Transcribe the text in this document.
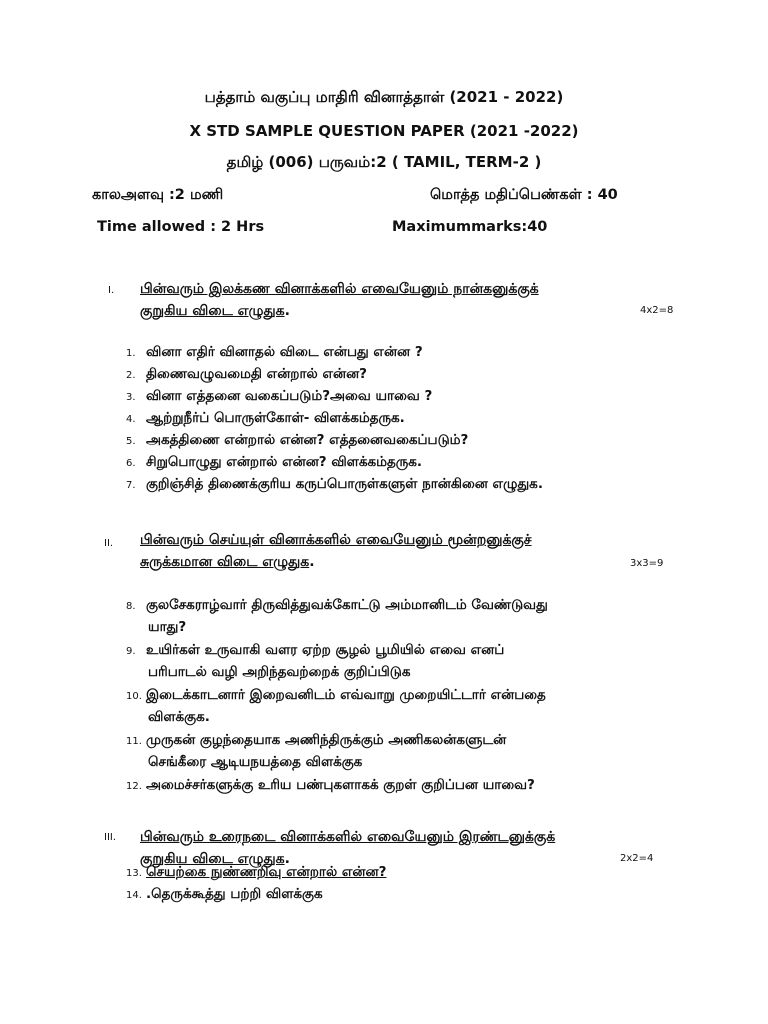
பத்தாம் வகுப்பு மாதிரி வினாத்தாள் (2021 - 2022)
X STD SAMPLE QUESTION PAPER (2021 -2022)
தமிழ் (006) பருவம்:2 ( TAMIL, TERM-2 )
காலஅளவு :2 மணி	மொத்த மதிப்பெண்கள் : 40
Time allowed : 2 Hrs	Maximummarks:40
I. பின்வரும் இலக்கண வினாக்களில் எவையேனும் நான்கனுக்குக்
குறுகிய விடை எழுதுக.	4x2=8
1. வினா எதிர் வினாதல் விடை என்பது என்ன ?
2. திணைவழுவமைதி என்றால் என்ன?
3. வினா எத்தனை வகைப்படும்?அவை யாவை ?
4. ஆற்றுநீர்ப் பொருள்கோள்- விளக்கம்தருக.
5. அகத்திணை என்றால் என்ன? எத்தனைவகைப்படும்?
6. சிறுபொழுது என்றால் என்ன? விளக்கம்தருக.
7. குறிஞ்சித் திணைக்குரிய கருப்பொருள்களுள் நான்கினை எழுதுக.
II. பின்வரும் செய்யுள் வினாக்களில் எவையேனும் மூன்றனுக்குச்
சுருக்கமான விடை எழுதுக.	3x3=9
8. குலசேகராழ்வார் திருவித்துவக்கோட்டு அம்மானிடம் வேண்டுவது
யாது?
9. உயிர்கள் உருவாகி வளர ஏற்ற சூழல் பூமியில் எவை எனப்
பரிபாடல் வழி அறிந்தவற்றைக் குறிப்பிடுக
10. இடைக்காடனார் இறைவனிடம் எவ்வாறு முறையிட்டார் என்பதை
விளக்குக.
11. முருகன் குழந்தையாக அணிந்திருக்கும் அணிகலன்களுடன்
செங்கீரை ஆடியநயத்தை விளக்குக
12. அமைச்சர்களுக்கு உரிய பண்புகளாகக் குறள் குறிப்பன யாவை?
III. பின்வரும் உரைநடை வினாக்களில் எவையேனும் இரண்டனுக்குக்
குறுகிய விடை எழுதுக.	2x2=4
13. செயற்கை நுண்ணறிவு என்றால் என்ன?
14. .தெருக்கூத்து பற்றி விளக்குக
